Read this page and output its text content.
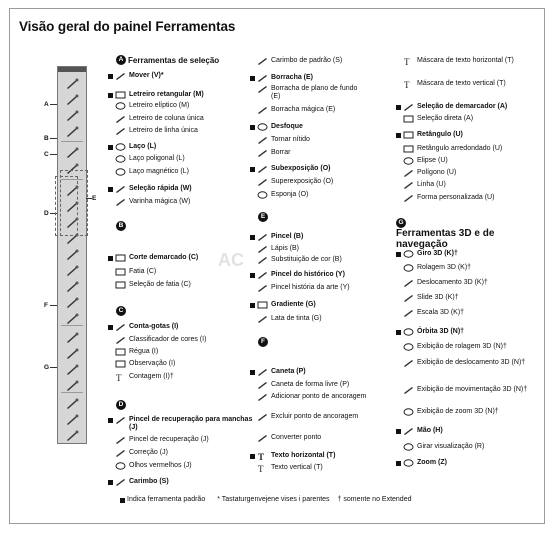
Visão geral do painel Ferramentas
AC
A
B
C
D
E
F
G
A Ferramentas de seleção
Mover (V)*
Letreiro retangular (M)
Letreiro elíptico (M)
Letreiro de coluna única
Letreiro de linha única
Laço (L)
Laço poligonal (L)
Laço magnético (L)
Seleção rápida (W)
Varinha mágica (W)
B
Corte demarcado (C)
Fatia (C)
Seleção de fatia (C)
C
Conta-gotas (I)
Classificador de cores (I)
Régua (I)
Observação (I)
T Contagem (I)†
D
Pincel de recuperação para manchas (J)
Pincel de recuperação (J)
Correção (J)
Olhos vermelhos (J)
Carimbo (S)
Carimbo de padrão (S)
Borracha (E)
Borracha de plano de fundo (E)
Borracha mágica (E)
Desfoque
Tornar nítido
Borrar
Subexposição (O)
Superexposição (O)
Esponja (O)
E
Pincel (B)
Lápis (B)
Substituição de cor (B)
Pincel do histórico (Y)
Pincel história da arte (Y)
Gradiente (G)
Lata de tinta (G)
F
Caneta (P)
Caneta de forma livre (P)
Adicionar ponto de ancoragem
Excluir ponto de ancoragem
Converter ponto
T Texto horizontal (T)
T Texto vertical (T)
T Máscara de texto horizontal (T)
T Máscara de texto vertical (T)
Seleção de demarcador (A)
Seleção direta (A)
Retângulo (U)
Retângulo arredondado (U)
Elipse (U)
Polígono (U)
Linha (U)
Forma personalizada (U)
G
Ferramentas 3D e de navegação
Giro 3D (K)†
Rolagem 3D (K)†
Deslocamento 3D (K)†
Slide 3D (K)†
Escala 3D (K)†
Órbita 3D (N)†
Exibição de rolagem 3D (N)†
Exibição de deslocamento 3D (N)†
Exibição de movimentação 3D (N)†
Exibição de zoom 3D (N)†
Mão (H)
Girar visualização (R)
Zoom (Z)
Indica ferramenta padrão * Tastaturgenvejene vises i parentes † somente no Extended
